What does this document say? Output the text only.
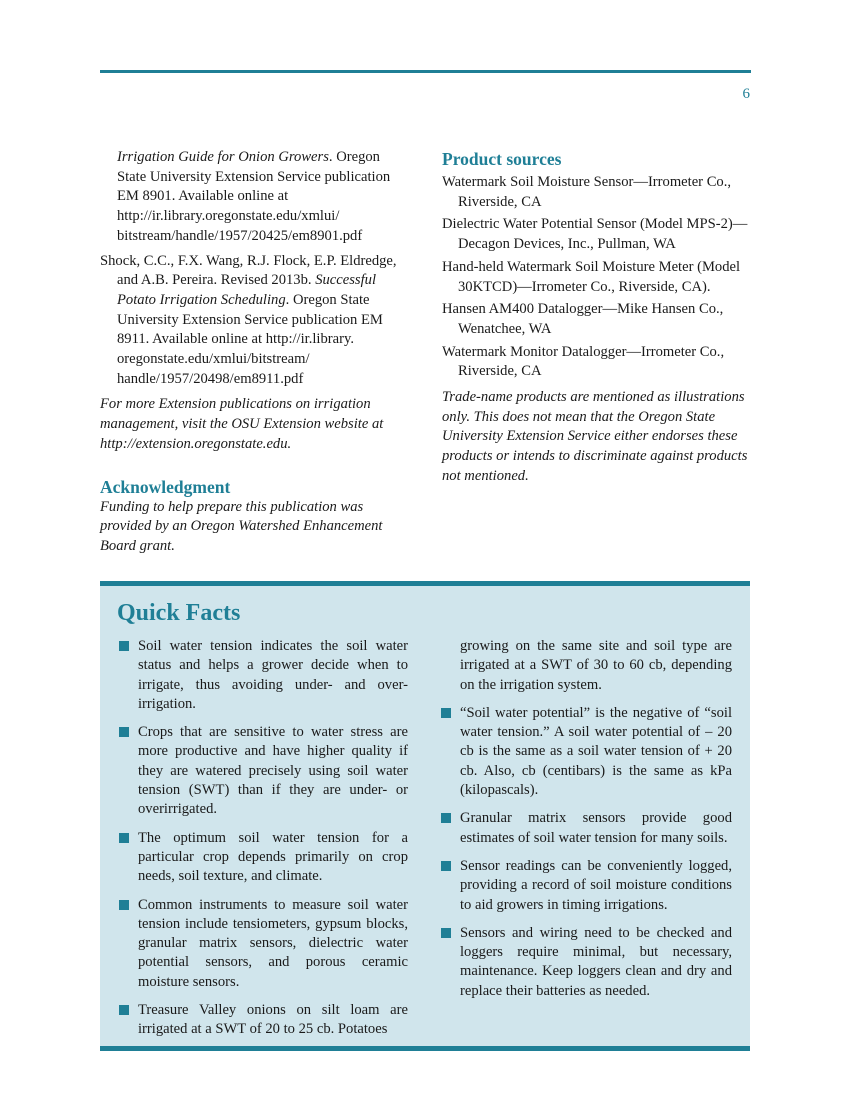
6

Irrigation Guide for Onion Growers. Oregon State University Extension Service publication EM 8901. Available online at http://ir.library.oregonstate.edu/xmlui/ bitstream/handle/1957/20425/em8901.pdf

Shock, C.C., F.X. Wang, R.J. Flock, E.P. Eldredge, and A.B. Pereira. Revised 2013b. Successful Potato Irrigation Scheduling. Oregon State University Extension Service publication EM 8911. Available online at http://ir.library. oregonstate.edu/xmlui/bitstream/ handle/1957/20498/em8911.pdf

For more Extension publications on irrigation management, visit the OSU Extension website at http://extension.oregonstate.edu.

Acknowledgment

Funding to help prepare this publication was provided by an Oregon Watershed Enhancement Board grant.

Product sources

Watermark Soil Moisture Sensor—Irrometer Co., Riverside, CA

Dielectric Water Potential Sensor (Model MPS-2)—Decagon Devices, Inc., Pullman, WA

Hand-held Watermark Soil Moisture Meter (Model 30KTCD)—Irrometer Co., Riverside, CA).

Hansen AM400 Datalogger—Mike Hansen Co., Wenatchee, WA

Watermark Monitor Datalogger—Irrometer Co., Riverside, CA

Trade-name products are mentioned as illustrations only. This does not mean that the Oregon State University Extension Service either endorses these products or intends to discriminate against products not mentioned.

Quick Facts
Soil water tension indicates the soil water status and helps a grower decide when to irrigate, thus avoiding under- and over-irrigation.
Crops that are sensitive to water stress are more productive and have higher quality if they are watered precisely using soil water tension (SWT) than if they are under- or overirrigated.
The optimum soil water tension for a particular crop depends primarily on crop needs, soil texture, and climate.
Common instruments to measure soil water tension include tensiometers, gypsum blocks, granular matrix sensors, dielectric water potential sensors, and porous ceramic moisture sensors.
Treasure Valley onions on silt loam are irrigated at a SWT of 20 to 25 cb. Potatoes
growing on the same site and soil type are irrigated at a SWT of 30 to 60 cb, depending on the irrigation system.
“Soil water potential” is the negative of “soil water tension.” A soil water potential of – 20 cb is the same as a soil water tension of + 20 cb. Also, cb (centibars) is the same as kPa (kilopascals).
Granular matrix sensors provide good estimates of soil water tension for many soils.
Sensor readings can be conveniently logged, providing a record of soil moisture conditions to aid growers in timing irrigations.
Sensors and wiring need to be checked and loggers require minimal, but necessary, maintenance. Keep loggers clean and dry and replace their batteries as needed.
